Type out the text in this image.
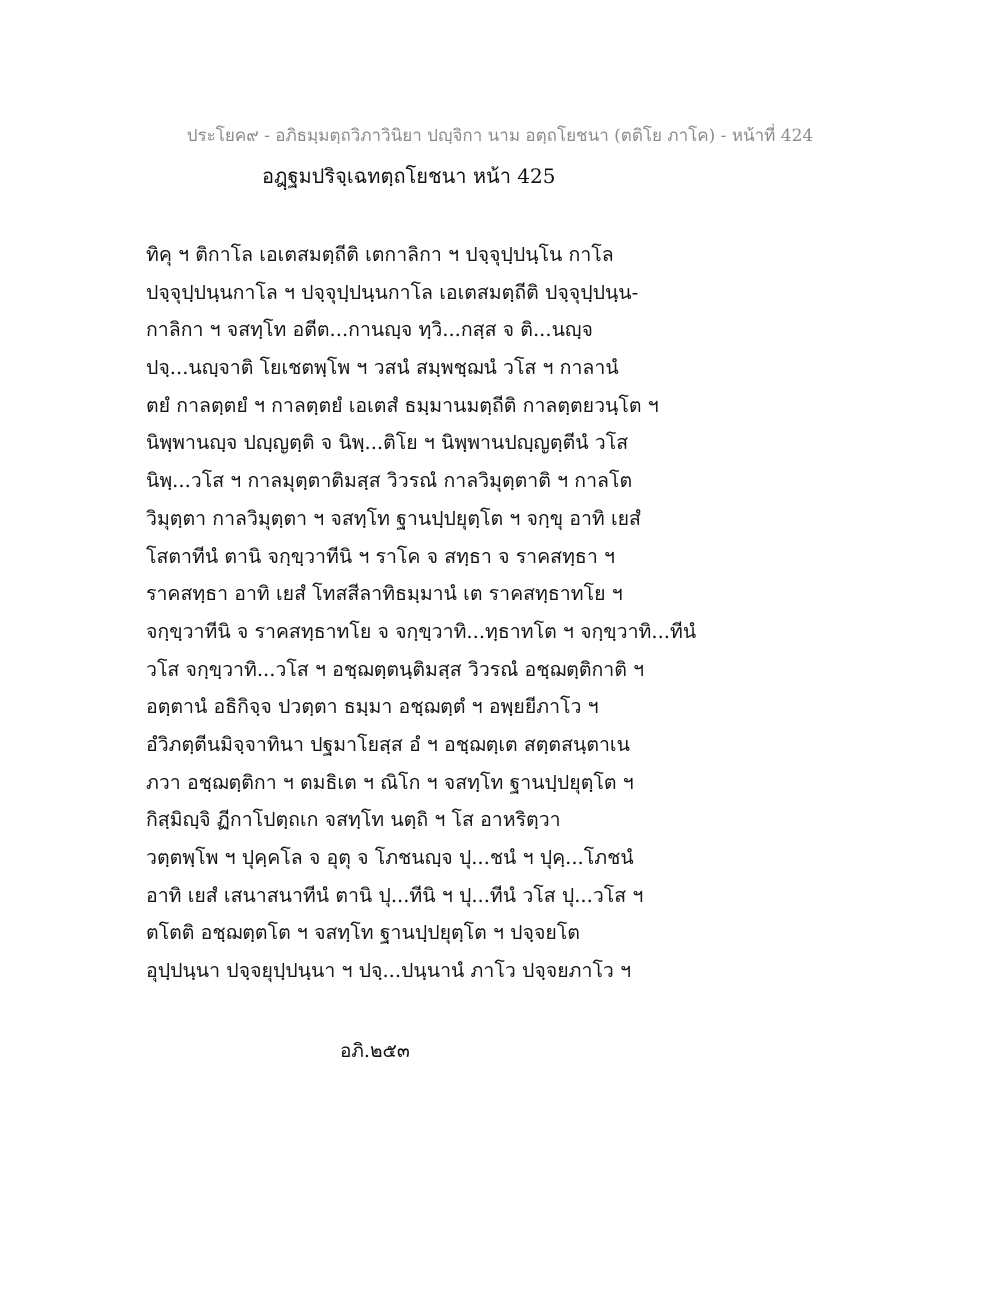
ประโยค๙ - อภิธมฺมตฺถวิภาวินิยา ปญฺจิกา นาม อตฺถโยชนา (ตติโย ภาโค) - หน้าที่ 424
อฎฺฐมปริจฺเฉทตฺถโยชนา หน้า 425
ทิคุ ฯ ติกาโล เอเตสมตฺถีติ เตกาลิกา ฯ ปจฺจุปฺปนฺโน กาโล
ปจฺจุปฺปนฺนกาโล ฯ ปจฺจุปฺปนฺนกาโล เอเตสมตฺถีติ ปจฺจุปฺปนฺน-
กาลิกา ฯ จสทฺโท อตีต...กานญฺจ ทฺวิ...กสฺส จ ติ...นญฺจ
ปจฺ...นญฺจาติ โยเชตพฺโพ ฯ วสนํ สมฺพชฺฌนํ วโส ฯ กาลานํ
ตยํ กาลตฺตยํ ฯ กาลตฺตยํ เอเตสํ ธมฺมานมตฺถีติ กาลตฺตยวนฺโต ฯ
นิพฺพานญฺจ ปญฺญตฺติ จ นิพฺ...ติโย ฯ นิพฺพานปญฺญตฺตีนํ วโส
นิพฺ...วโส ฯ กาลมุตฺตาติมสฺส วิวรณํ กาลวิมุตฺตาติ ฯ กาลโต
วิมุตฺตา กาลวิมุตฺตา ฯ จสทฺโท ฐานปฺปยุตฺโต ฯ จกฺขุ อาทิ เยสํ
โสตาทีนํ ตานิ จกฺขฺวาทีนิ ฯ ราโค จ สทฺธา จ ราคสทฺธา ฯ
ราคสทฺธา อาทิ เยสํ โทสสีลาทิธมฺมานํ เต ราคสทฺธาทโย ฯ
จกฺขฺวาทีนิ จ ราคสทฺธาทโย จ จกฺขฺวาทิ...ทฺธาทโต ฯ จกฺขฺวาทิ...ทีนํ
วโส จกฺขฺวาทิ...วโส ฯ อชฺฌตฺตนฺติมสฺส วิวรณํ อชฺฌตฺติกาติ ฯ
อตฺตานํ อธิกิจฺจ ปวตฺตา ธมฺมา อชฺฌตฺตํ ฯ อพฺยยีภาโว ฯ
อํวิภตฺตีนมิจฺจาทินา ปฐมาโยสฺส อํ ฯ อชฺฌตฺเต สตฺตสนฺตาเน
ภวา อชฺฌตฺติกา ฯ ตมธิเต ฯ ณิโก ฯ จสทฺโท ฐานปฺปยุตฺโต ฯ
กิสฺมิญฺจิ ฏีกาโปตฺถเก จสทฺโท นตฺถิ ฯ โส อาหริตฺวา
วตฺตพฺโพ ฯ ปุคฺคโล จ อุตุ จ โภชนญฺจ ปุ...ชนํ ฯ ปุคฺ...โภชนํ
อาทิ เยสํ เสนาสนาทีนํ ตานิ ปุ...ทีนิ ฯ ปุ...ทีนํ วโส ปุ...วโส ฯ
ตโตติ อชฺฌตฺตโต ฯ จสทฺโท ฐานปฺปยุตฺโต ฯ ปจฺจยโต
อุปฺปนฺนา ปจฺจยุปฺปนฺนา ฯ ปจฺ...ปนฺนานํ ภาโว ปจฺจยภาโว ฯ
อภิ.๒๕๓
